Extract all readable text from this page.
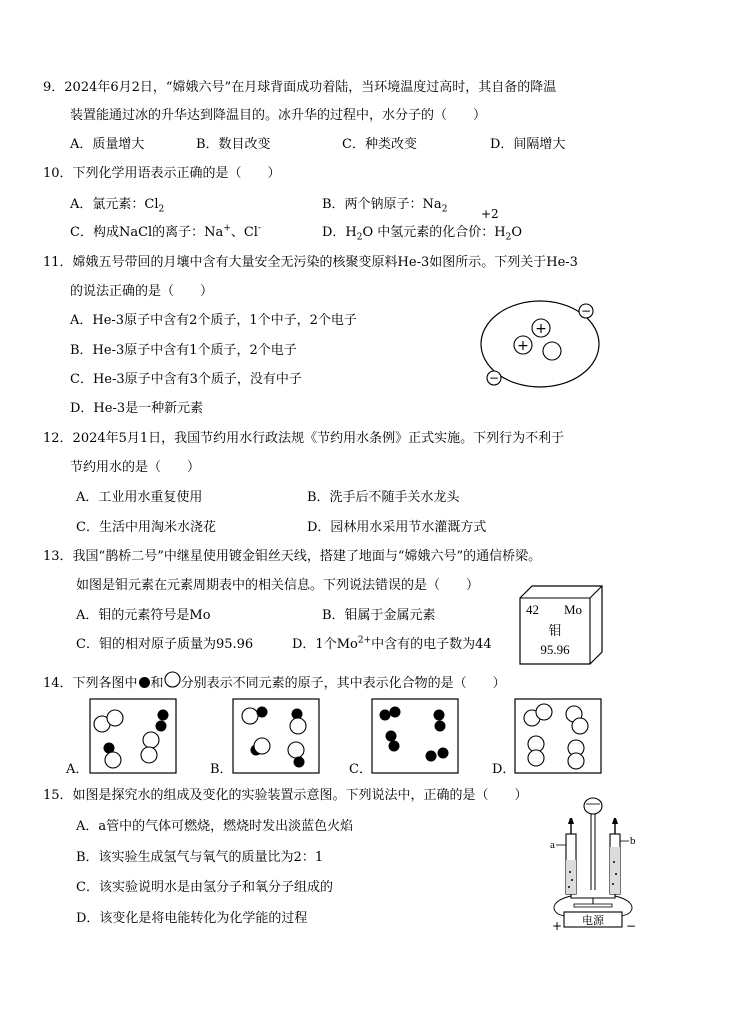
9．2024年6月2日，“嫦娥六号”在月球背面成功着陆，当环境温度过高时，其自备的降温
装置能通过冰的升华达到降温目的。冰升华的过程中，水分子的（　　）
A．质量增大	B．数目改变	C．种类改变	D．间隔增大
10．下列化学用语表示正确的是（　　）
A．氯元素：$Cl_2$	B．两个钠原子：$Na_2$
C．构成NaCl的离子：Na+、Cl-
+2
D．$H_2O$ 中氢元素的化合价：$H_2O$
11．嫦娥五号带回的月壤中含有大量安全无污染的核聚变原料He-3如图所示。下列关于He-3
的说法正确的是（　　）
A．He-3原子中含有2个质子，1个中子，2个电子
B．He-3原子中含有1个质子，2个电子
C．He-3原子中含有3个质子，没有中子
D．He-3是一种新元素
+
+
−
−
12．2024年5月1日，我国节约用水行政法规《节约用水条例》正式实施。下列行为不利于
节约用水的是（　　）
A．工业用水重复使用	B．洗手后不随手关水龙头
C．生活中用淘米水浇花	D．园林用水采用节水灌溉方式
13．我国“鹊桥二号”中继星使用镀金钼丝天线，搭建了地面与“嫦娥六号”的通信桥梁。
如图是钼元素在元素周期表中的相关信息。下列说法错误的是（　　）
A．钼的元素符号是Mo	B．钼属于金属元素
C．钼的相对原子质量为95.96	D．1个$Mo^{2+}$中含有的电子数为44
42 Mo
钼
95.96
14．下列各图中 和 分别表示不同元素的原子，其中表示化合物的是（　　）
A．	B．	C．	D．
15．如图是探究水的组成及变化的实验装置示意图。下列说法中，正确的是（　　）
A．a管中的气体可燃烧，燃烧时发出淡蓝色火焰
B．该实验生成氢气与氧气的质量比为2：1
C．该实验说明水是由氢分子和氧分子组成的
D．该变化是将电能转化为化学能的过程
a	b
电源
+	−
